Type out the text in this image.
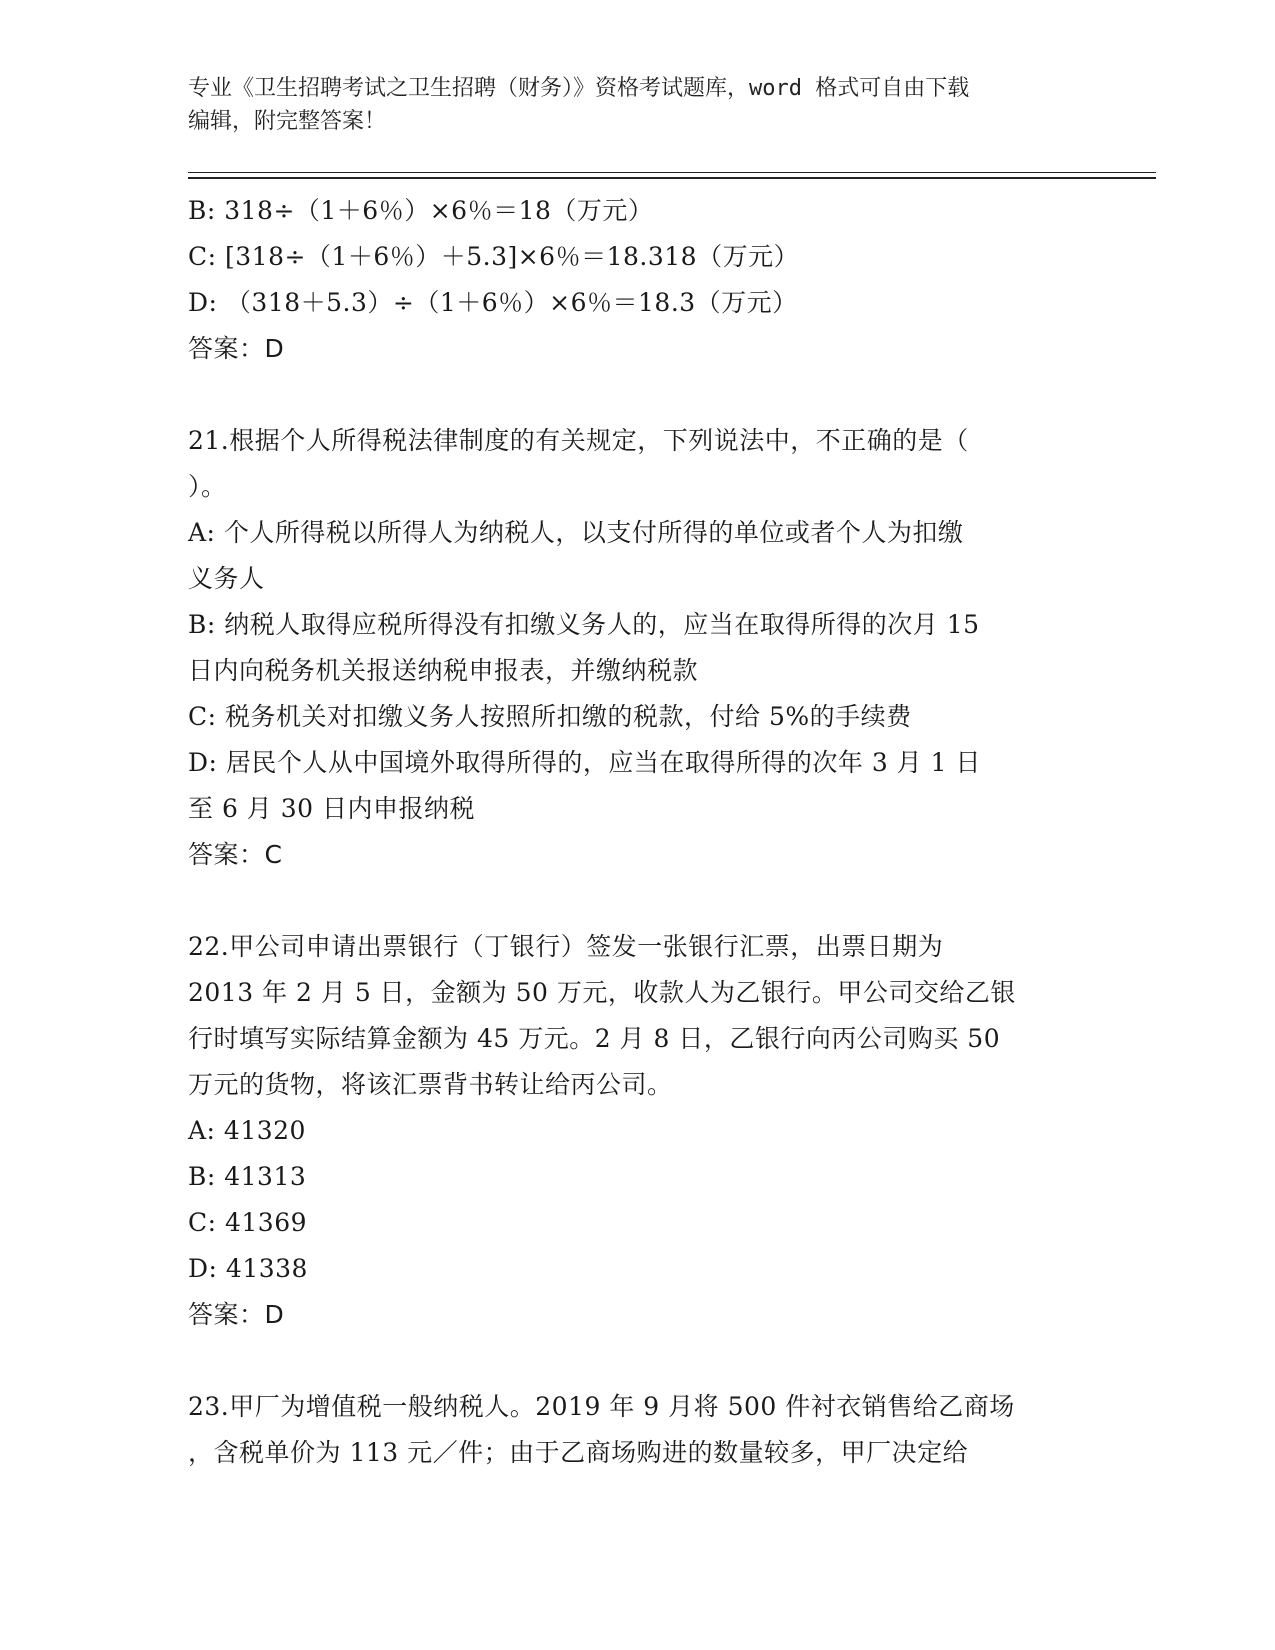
专业《卫生招聘考试之卫生招聘（财务）》资格考试题库，word 格式可自由下载
编辑，附完整答案！
B: 318÷（1＋6％）×6％＝18（万元）
C: [318÷（1＋6％）＋5.3]×6％＝18.318（万元）
D: （318＋5.3）÷（1＋6％）×6％＝18.3（万元）
答案：D
21.根据个人所得税法律制度的有关规定，下列说法中，不正确的是（
）。
A: 个人所得税以所得人为纳税人，以支付所得的单位或者个人为扣缴
义务人
B: 纳税人取得应税所得没有扣缴义务人的，应当在取得所得的次月 15
日内向税务机关报送纳税申报表，并缴纳税款
C: 税务机关对扣缴义务人按照所扣缴的税款，付给 5%的手续费
D: 居民个人从中国境外取得所得的，应当在取得所得的次年 3 月 1 日
至 6 月 30 日内申报纳税
答案：C
22.甲公司申请出票银行（丁银行）签发一张银行汇票，出票日期为
2013 年 2 月 5 日，金额为 50 万元，收款人为乙银行。甲公司交给乙银
行时填写实际结算金额为 45 万元。2 月 8 日，乙银行向丙公司购买 50
万元的货物，将该汇票背书转让给丙公司。
A: 41320
B: 41313
C: 41369
D: 41338
答案：D
23.甲厂为增值税一般纳税人。2019 年 9 月将 500 件衬衣销售给乙商场
，含税单价为 113 元／件；由于乙商场购进的数量较多，甲厂决定给
